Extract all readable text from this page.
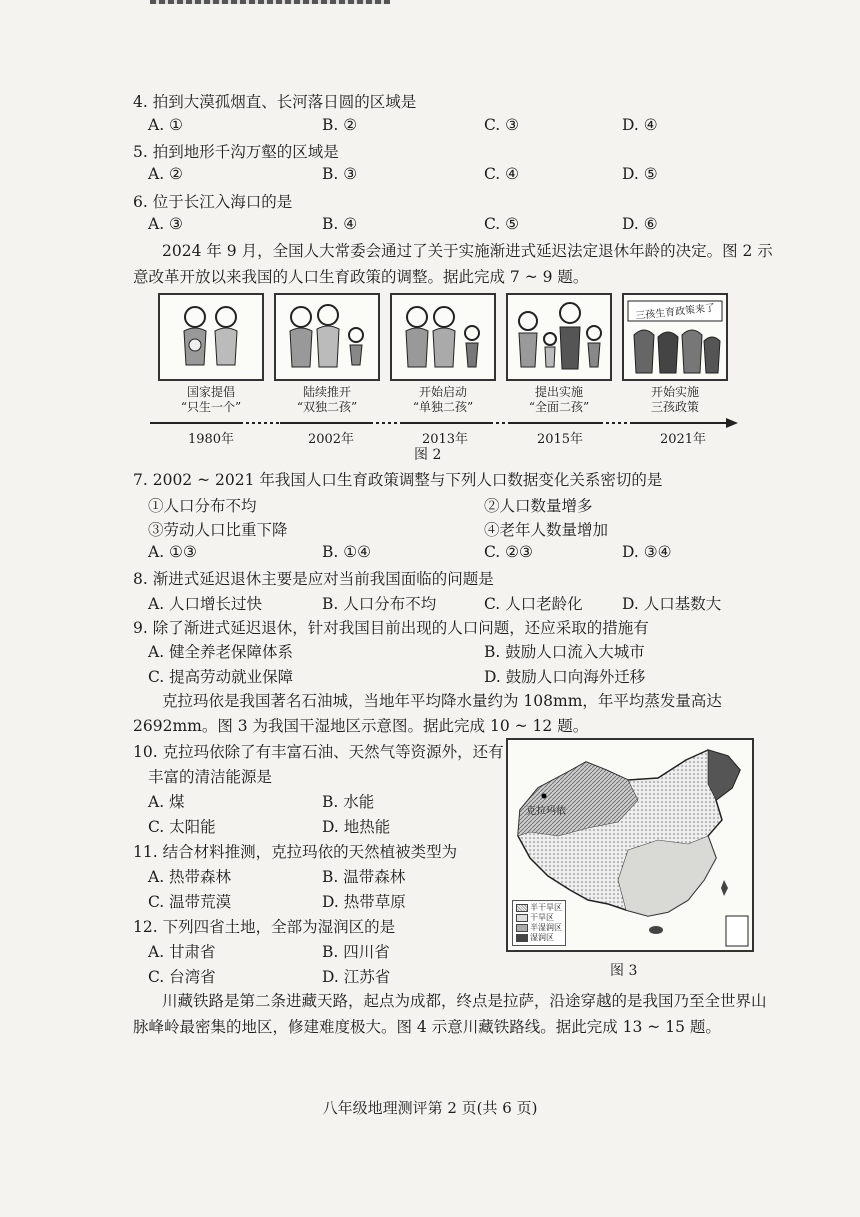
4. 拍到大漠孤烟直、长河落日圆的区域是
A. ①	B. ②	C. ③	D. ④
5. 拍到地形千沟万壑的区域是
A. ②	B. ③	C. ④	D. ⑤
6. 位于长江入海口的是
A. ③	B. ④	C. ⑤	D. ⑥
2024 年 9 月，全国人大常委会通过了关于实施渐进式延迟法定退休年龄的决定。图 2 示
意改革开放以来我国的人口生育政策的调整。据此完成 7 ~ 9 题。
三孩生育政策来了
国家提倡
“只生一个”
陆续推开
“双独二孩”
开始启动
“单独二孩”
提出实施
“全面二孩”
开始实施
三孩政策
1980年	2002年	2013年	2015年	2021年
图 2
7. 2002 ~ 2021 年我国人口生育政策调整与下列人口数据变化关系密切的是
①人口分布不均	②人口数量增多
③劳动人口比重下降	④老年人数量增加
A. ①③	B. ①④	C. ②③	D. ③④
8. 渐进式延迟退休主要是应对当前我国面临的问题是
A. 人口增长过快	B. 人口分布不均	C. 人口老龄化	D. 人口基数大
9. 除了渐进式延迟退休，针对我国目前出现的人口问题，还应采取的措施有
A. 健全养老保障体系	B. 鼓励人口流入大城市
C. 提高劳动就业保障	D. 鼓励人口向海外迁移
克拉玛依是我国著名石油城，当地年平均降水量约为 108mm，年平均蒸发量高达
2692mm。图 3 为我国干湿地区示意图。据此完成 10 ~ 12 题。
10. 克拉玛依除了有丰富石油、天然气等资源外，还有
丰富的清洁能源是
A. 煤	B. 水能
C. 太阳能	D. 地热能
11. 结合材料推测，克拉玛依的天然植被类型为
A. 热带森林	B. 温带森林
C. 温带荒漠	D. 热带草原
12. 下列四省土地，全部为湿润区的是
A. 甘肃省	B. 四川省
C. 台湾省	D. 江苏省
克拉玛依
半干旱区
干旱区
半湿润区
湿润区
图 3
川藏铁路是第二条进藏天路，起点为成都，终点是拉萨，沿途穿越的是我国乃至全世界山
脉峰岭最密集的地区，修建难度极大。图 4 示意川藏铁路线。据此完成 13 ~ 15 题。
八年级地理测评第 2 页(共 6 页)
